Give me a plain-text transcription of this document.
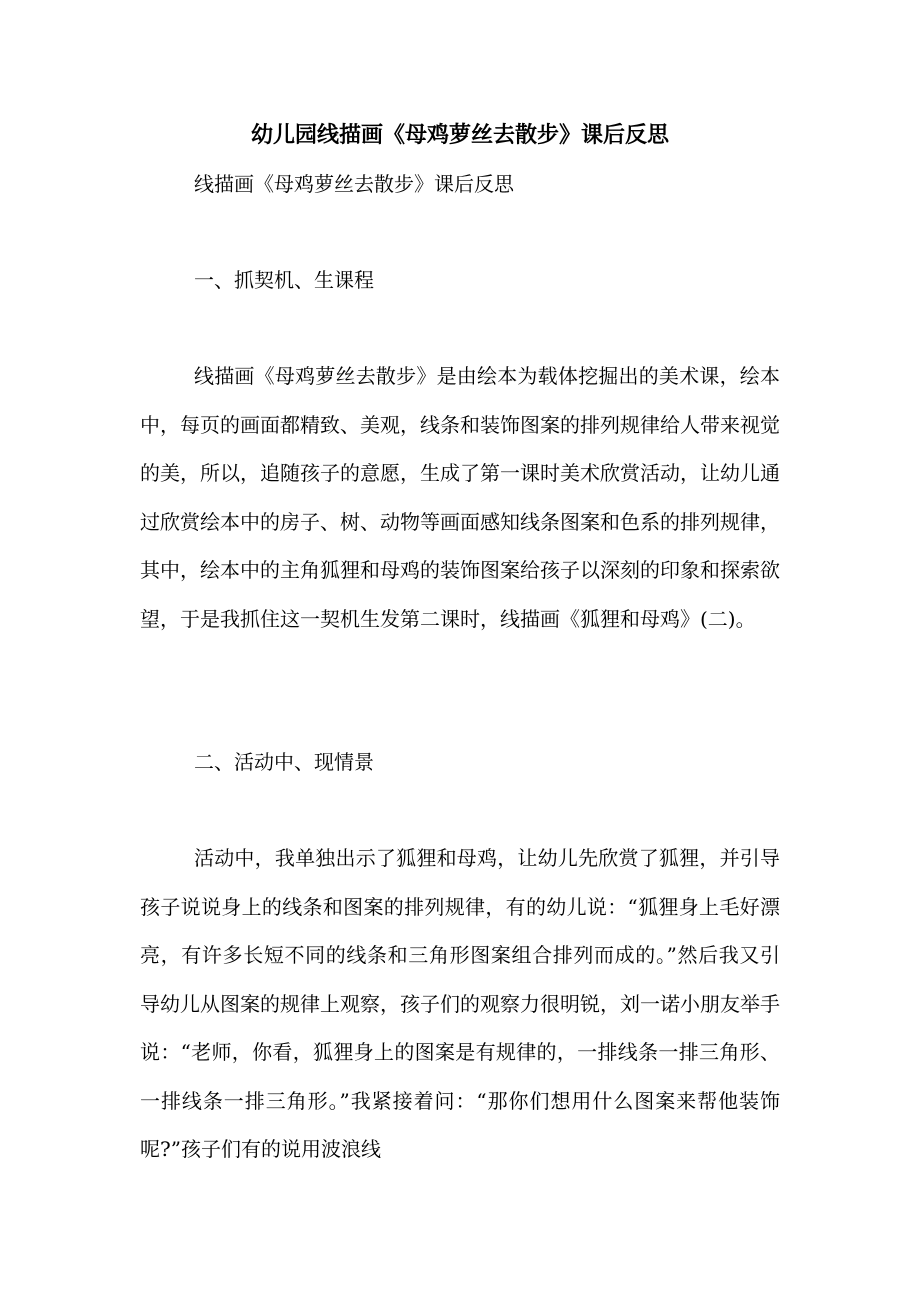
幼儿园线描画《母鸡萝丝去散步》课后反思

线描画《母鸡萝丝去散步》课后反思

一、抓契机、生课程

线描画《母鸡萝丝去散步》是由绘本为载体挖掘出的美术课，绘本中，每页的画面都精致、美观，线条和装饰图案的排列规律给人带来视觉的美，所以，追随孩子的意愿，生成了第一课时美术欣赏活动，让幼儿通过欣赏绘本中的房子、树、动物等画面感知线条图案和色系的排列规律，其中，绘本中的主角狐狸和母鸡的装饰图案给孩子以深刻的印象和探索欲望，于是我抓住这一契机生发第二课时，线描画《狐狸和母鸡》(二)。

二、活动中、现情景

活动中，我单独出示了狐狸和母鸡，让幼儿先欣赏了狐狸，并引导孩子说说身上的线条和图案的排列规律，有的幼儿说：“狐狸身上毛好漂亮，有许多长短不同的线条和三角形图案组合排列而成的。”然后我又引导幼儿从图案的规律上观察，孩子们的观察力很明锐，刘一诺小朋友举手说：“老师，你看，狐狸身上的图案是有规律的，一排线条一排三角形、一排线条一排三角形。”我紧接着问：“那你们想用什么图案来帮他装饰呢?”孩子们有的说用波浪线
